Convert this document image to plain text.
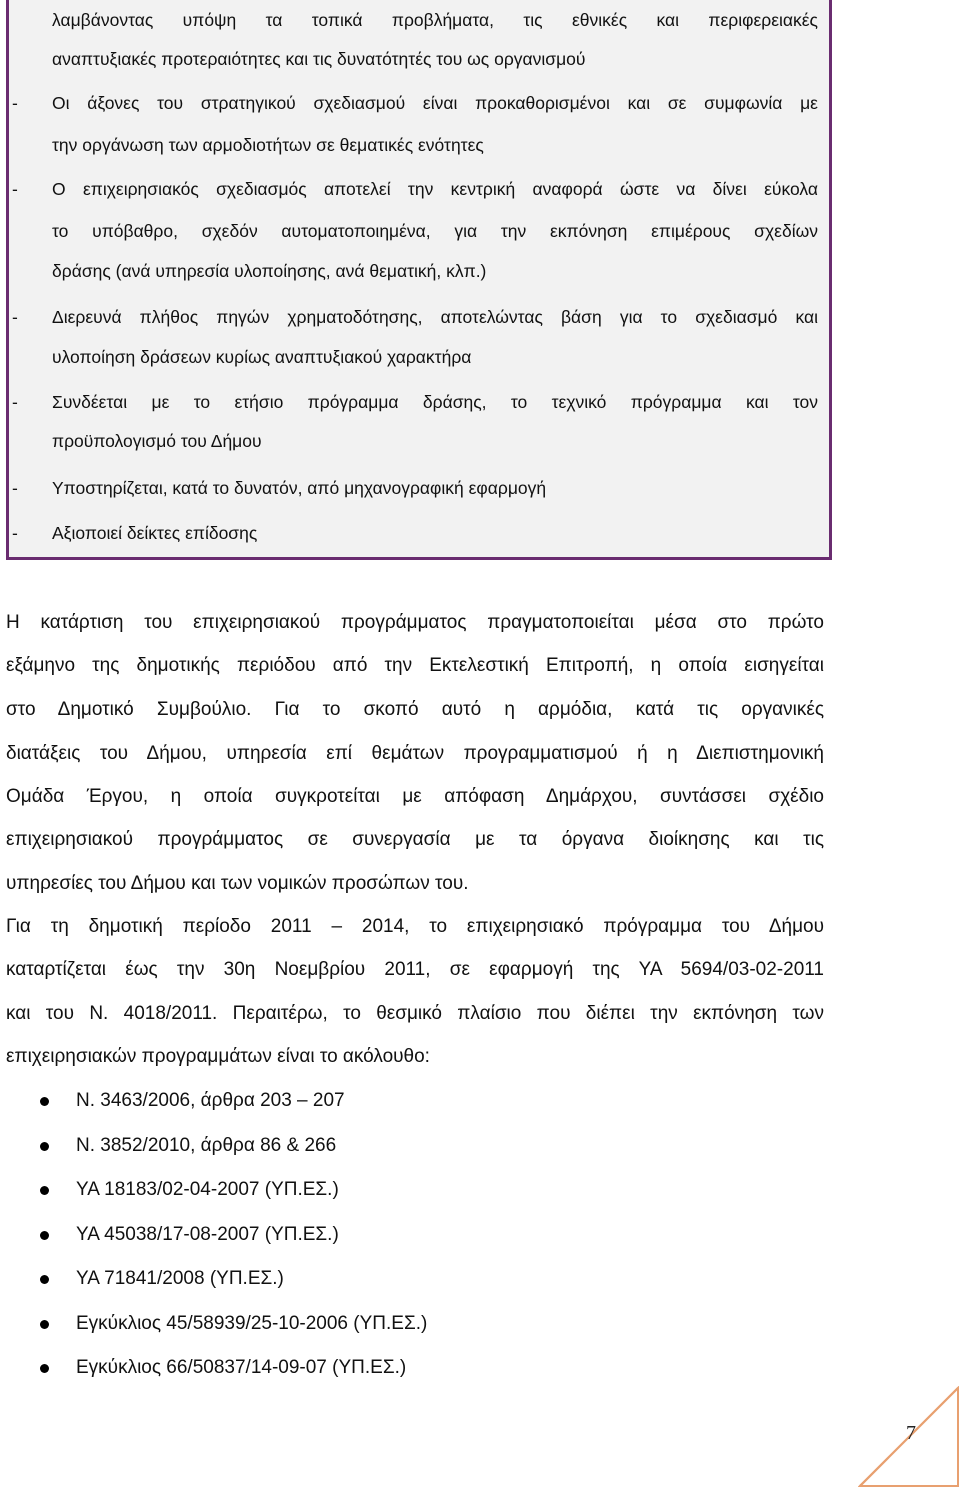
λαμβάνοντας υπόψη τα τοπικά προβλήματα, τις εθνικές και περιφερειακές
αναπτυξιακές προτεραιότητες και τις δυνατότητές του ως οργανισμού
- Οι άξονες του στρατηγικού σχεδιασμού είναι προκαθορισμένοι και σε συμφωνία με
την οργάνωση των αρμοδιοτήτων σε θεματικές ενότητες
- Ο επιχειρησιακός σχεδιασμός αποτελεί την κεντρική αναφορά ώστε να δίνει εύκολα
το υπόβαθρο, σχεδόν αυτοματοποιημένα, για την εκπόνηση επιμέρους σχεδίων
δράσης (ανά υπηρεσία υλοποίησης, ανά θεματική, κλπ.)
- Διερευνά πλήθος πηγών χρηματοδότησης, αποτελώντας βάση για το σχεδιασμό και
υλοποίηση δράσεων κυρίως αναπτυξιακού χαρακτήρα
- Συνδέεται με το ετήσιο πρόγραμμα δράσης, το τεχνικό πρόγραμμα και τον
προϋπολογισμό του Δήμου
- Υποστηρίζεται, κατά το δυνατόν, από μηχανογραφική εφαρμογή
- Αξιοποιεί δείκτες επίδοσης
Η κατάρτιση του επιχειρησιακού προγράμματος πραγματοποιείται μέσα στο πρώτο
εξάμηνο της δημοτικής περιόδου από την Εκτελεστική Επιτροπή, η οποία εισηγείται
στο Δημοτικό Συμβούλιο. Για το σκοπό αυτό η αρμόδια, κατά τις οργανικές
διατάξεις του Δήμου, υπηρεσία επί θεμάτων προγραμματισμού ή η Διεπιστημονική
Ομάδα Έργου, η οποία συγκροτείται με απόφαση Δημάρχου, συντάσσει σχέδιο
επιχειρησιακού προγράμματος σε συνεργασία με τα όργανα διοίκησης και τις
υπηρεσίες του Δήμου και των νομικών προσώπων του.
Για τη δημοτική περίοδο 2011 – 2014, το επιχειρησιακό πρόγραμμα του Δήμου
καταρτίζεται έως την 30η Νοεμβρίου 2011, σε εφαρμογή της ΥΑ 5694/03-02-2011
και του Ν. 4018/2011. Περαιτέρω, το θεσμικό πλαίσιο που διέπει την εκπόνηση των
επιχειρησιακών προγραμμάτων είναι το ακόλουθο:
Ν. 3463/2006, άρθρα 203 – 207
Ν. 3852/2010, άρθρα 86 & 266
ΥΑ 18183/02-04-2007 (ΥΠ.ΕΣ.)
ΥΑ 45038/17-08-2007 (ΥΠ.ΕΣ.)
ΥΑ 71841/2008 (ΥΠ.ΕΣ.)
Εγκύκλιος 45/58939/25-10-2006 (ΥΠ.ΕΣ.)
Εγκύκλιος 66/50837/14-09-07 (ΥΠ.ΕΣ.)
7
